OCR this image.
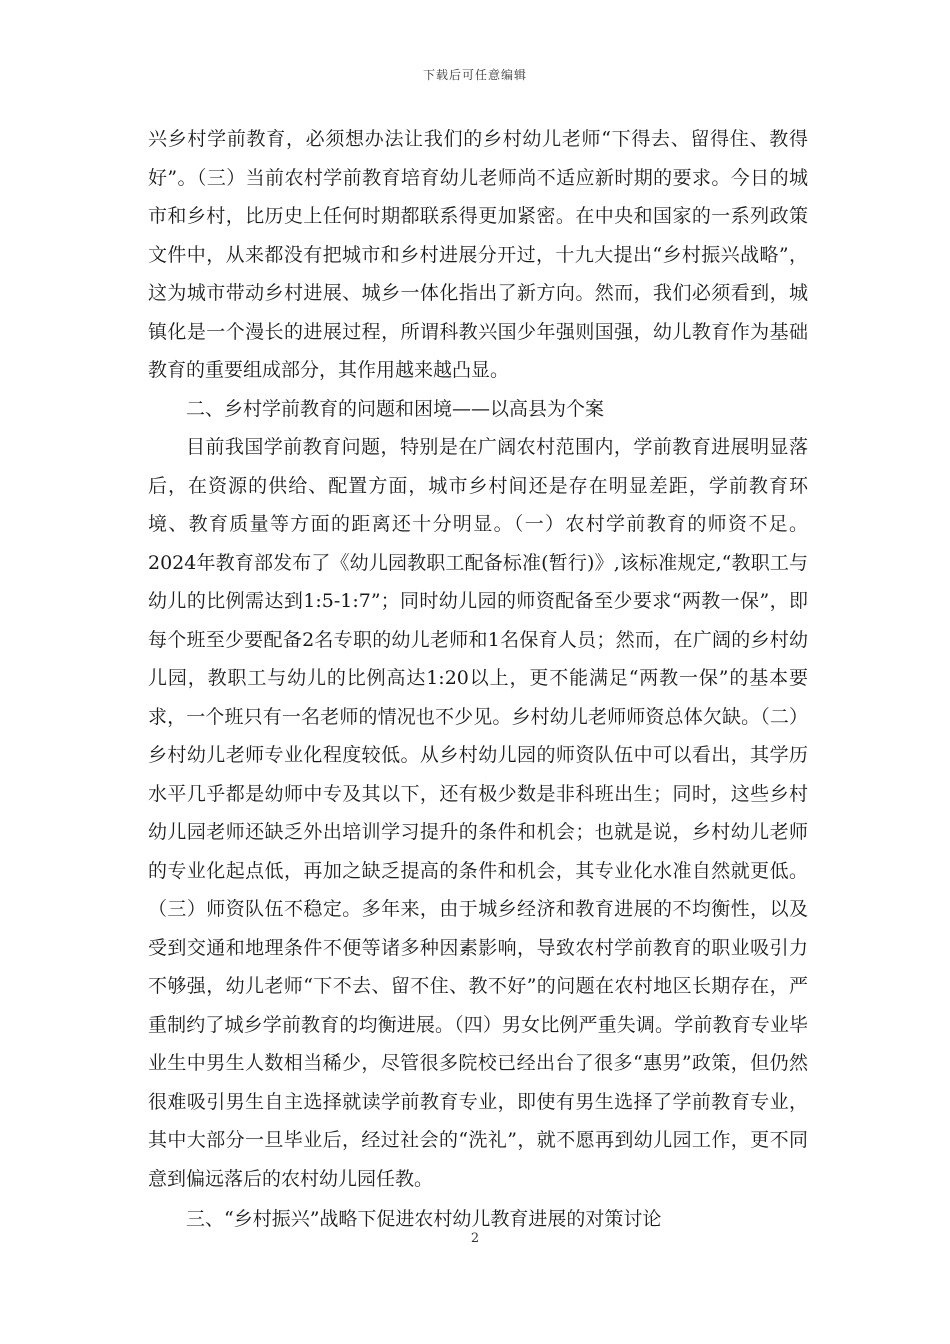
下载后可任意编辑

兴乡村学前教育，必须想办法让我们的乡村幼儿老师“下得去、留得住、教得好”。（三）当前农村学前教育培育幼儿老师尚不适应新时期的要求。今日的城市和乡村，比历史上任何时期都联系得更加紧密。在中央和国家的一系列政策文件中，从来都没有把城市和乡村进展分开过，十九大提出“乡村振兴战略”，这为城市带动乡村进展、城乡一体化指出了新方向。然而，我们必须看到，城镇化是一个漫长的进展过程，所谓科教兴国少年强则国强，幼儿教育作为基础教育的重要组成部分，其作用越来越凸显。

二、乡村学前教育的问题和困境——以高县为个案

目前我国学前教育问题，特别是在广阔农村范围内，学前教育进展明显落后，在资源的供给、配置方面，城市乡村间还是存在明显差距，学前教育环境、教育质量等方面的距离还十分明显。（一）农村学前教育的师资不足。2024年教育部发布了《幼儿园教职工配备标准(暂行)》,该标准规定,“教职工与幼儿的比例需达到1:5-1:7”；同时幼儿园的师资配备至少要求“两教一保”，即每个班至少要配备2名专职的幼儿老师和1名保育人员；然而，在广阔的乡村幼儿园，教职工与幼儿的比例高达1:20以上，更不能满足“两教一保”的基本要求，一个班只有一名老师的情况也不少见。乡村幼儿老师师资总体欠缺。（二）乡村幼儿老师专业化程度较低。从乡村幼儿园的师资队伍中可以看出，其学历水平几乎都是幼师中专及其以下，还有极少数是非科班出生；同时，这些乡村幼儿园老师还缺乏外出培训学习提升的条件和机会；也就是说，乡村幼儿老师的专业化起点低，再加之缺乏提高的条件和机会，其专业化水准自然就更低。（三）师资队伍不稳定。多年来，由于城乡经济和教育进展的不均衡性，以及受到交通和地理条件不便等诸多种因素影响，导致农村学前教育的职业吸引力不够强，幼儿老师“下不去、留不住、教不好”的问题在农村地区长期存在，严重制约了城乡学前教育的均衡进展。（四）男女比例严重失调。学前教育专业毕业生中男生人数相当稀少，尽管很多院校已经出台了很多“惠男”政策，但仍然很难吸引男生自主选择就读学前教育专业，即使有男生选择了学前教育专业，其中大部分一旦毕业后，经过社会的“洗礼”，就不愿再到幼儿园工作，更不同意到偏远落后的农村幼儿园任教。

三、“乡村振兴”战略下促进农村幼儿教育进展的对策讨论

2
